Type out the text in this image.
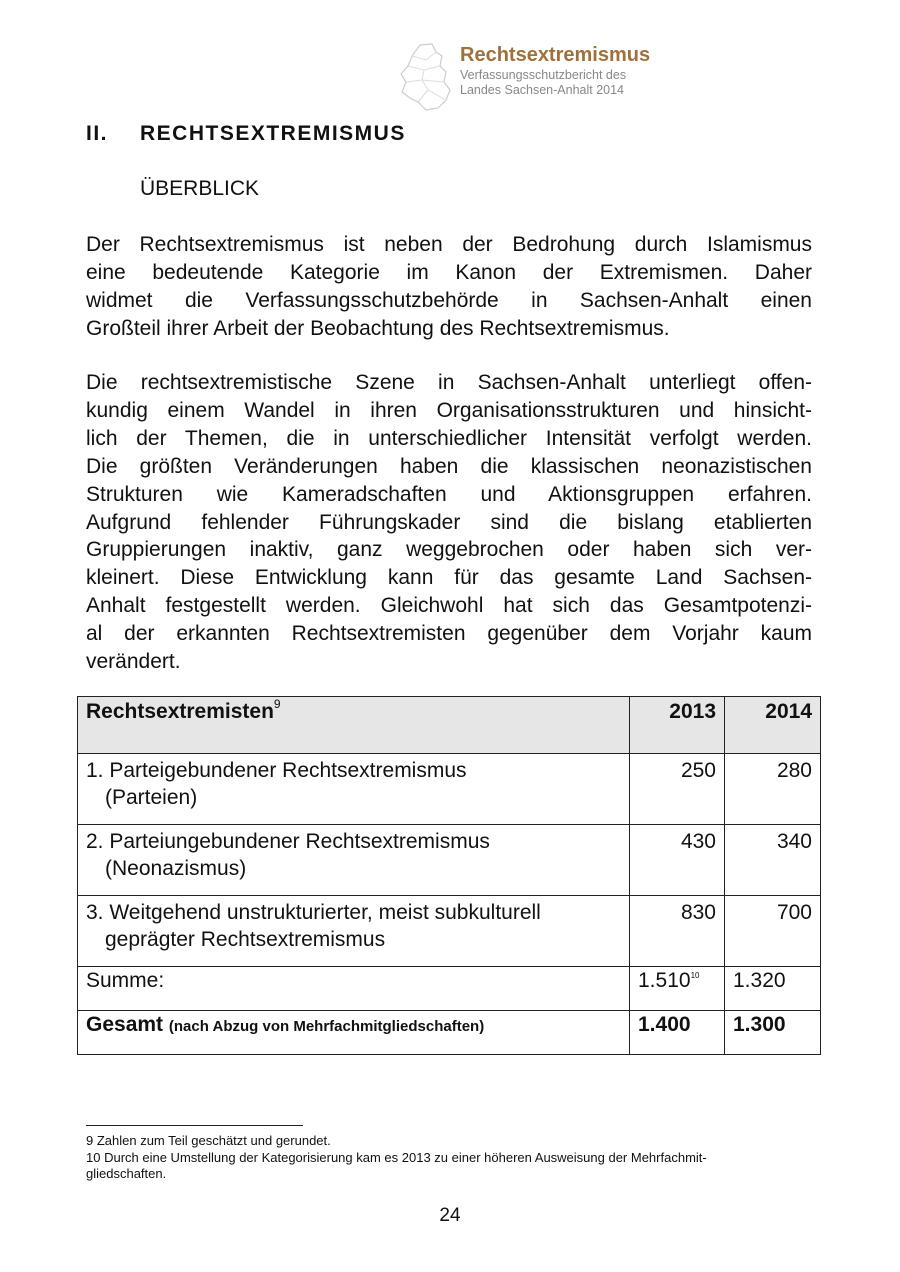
Rechtsextremismus
Verfassungsschutzbericht des
Landes Sachsen-Anhalt 2014
II. RECHTSEXTREMISMUS
ÜBERBLICK
Der Rechtsextremismus ist neben der Bedrohung durch Islamismus
eine bedeutende Kategorie im Kanon der Extremismen. Daher
widmet die Verfassungsschutzbehörde in Sachsen-Anhalt einen
Großteil ihrer Arbeit der Beobachtung des Rechtsextremismus.
Die rechtsextremistische Szene in Sachsen-Anhalt unterliegt offen-
kundig einem Wandel in ihren Organisationsstrukturen und hinsicht-
lich der Themen, die in unterschiedlicher Intensität verfolgt werden.
Die größten Veränderungen haben die klassischen neonazistischen
Strukturen wie Kameradschaften und Aktionsgruppen erfahren.
Aufgrund fehlender Führungskader sind die bislang etablierten
Gruppierungen inaktiv, ganz weggebrochen oder haben sich ver-
kleinert. Diese Entwicklung kann für das gesamte Land Sachsen-
Anhalt festgestellt werden. Gleichwohl hat sich das Gesamtpotenzi-
al der erkannten Rechtsextremisten gegenüber dem Vorjahr kaum
verändert.
Rechtsextremisten$^9$	2013	2014

1. Parteigebundener Rechtsextremismus
(Parteien)	250	280

2. Parteiungebundener Rechtsextremismus
(Neonazismus)	430	340

3. Weitgehend unstrukturierter, meist subkulturell
geprägter Rechtsextremismus	830	700
Summe:	1.510$^{10}$	1.320
Gesamt (nach Abzug von Mehrfachmitgliedschaften)	1.400	1.300
9 Zahlen zum Teil geschätzt und gerundet.
10 Durch eine Umstellung der Kategorisierung kam es 2013 zu einer höheren Ausweisung der Mehrfachmit-
gliedschaften.
24
